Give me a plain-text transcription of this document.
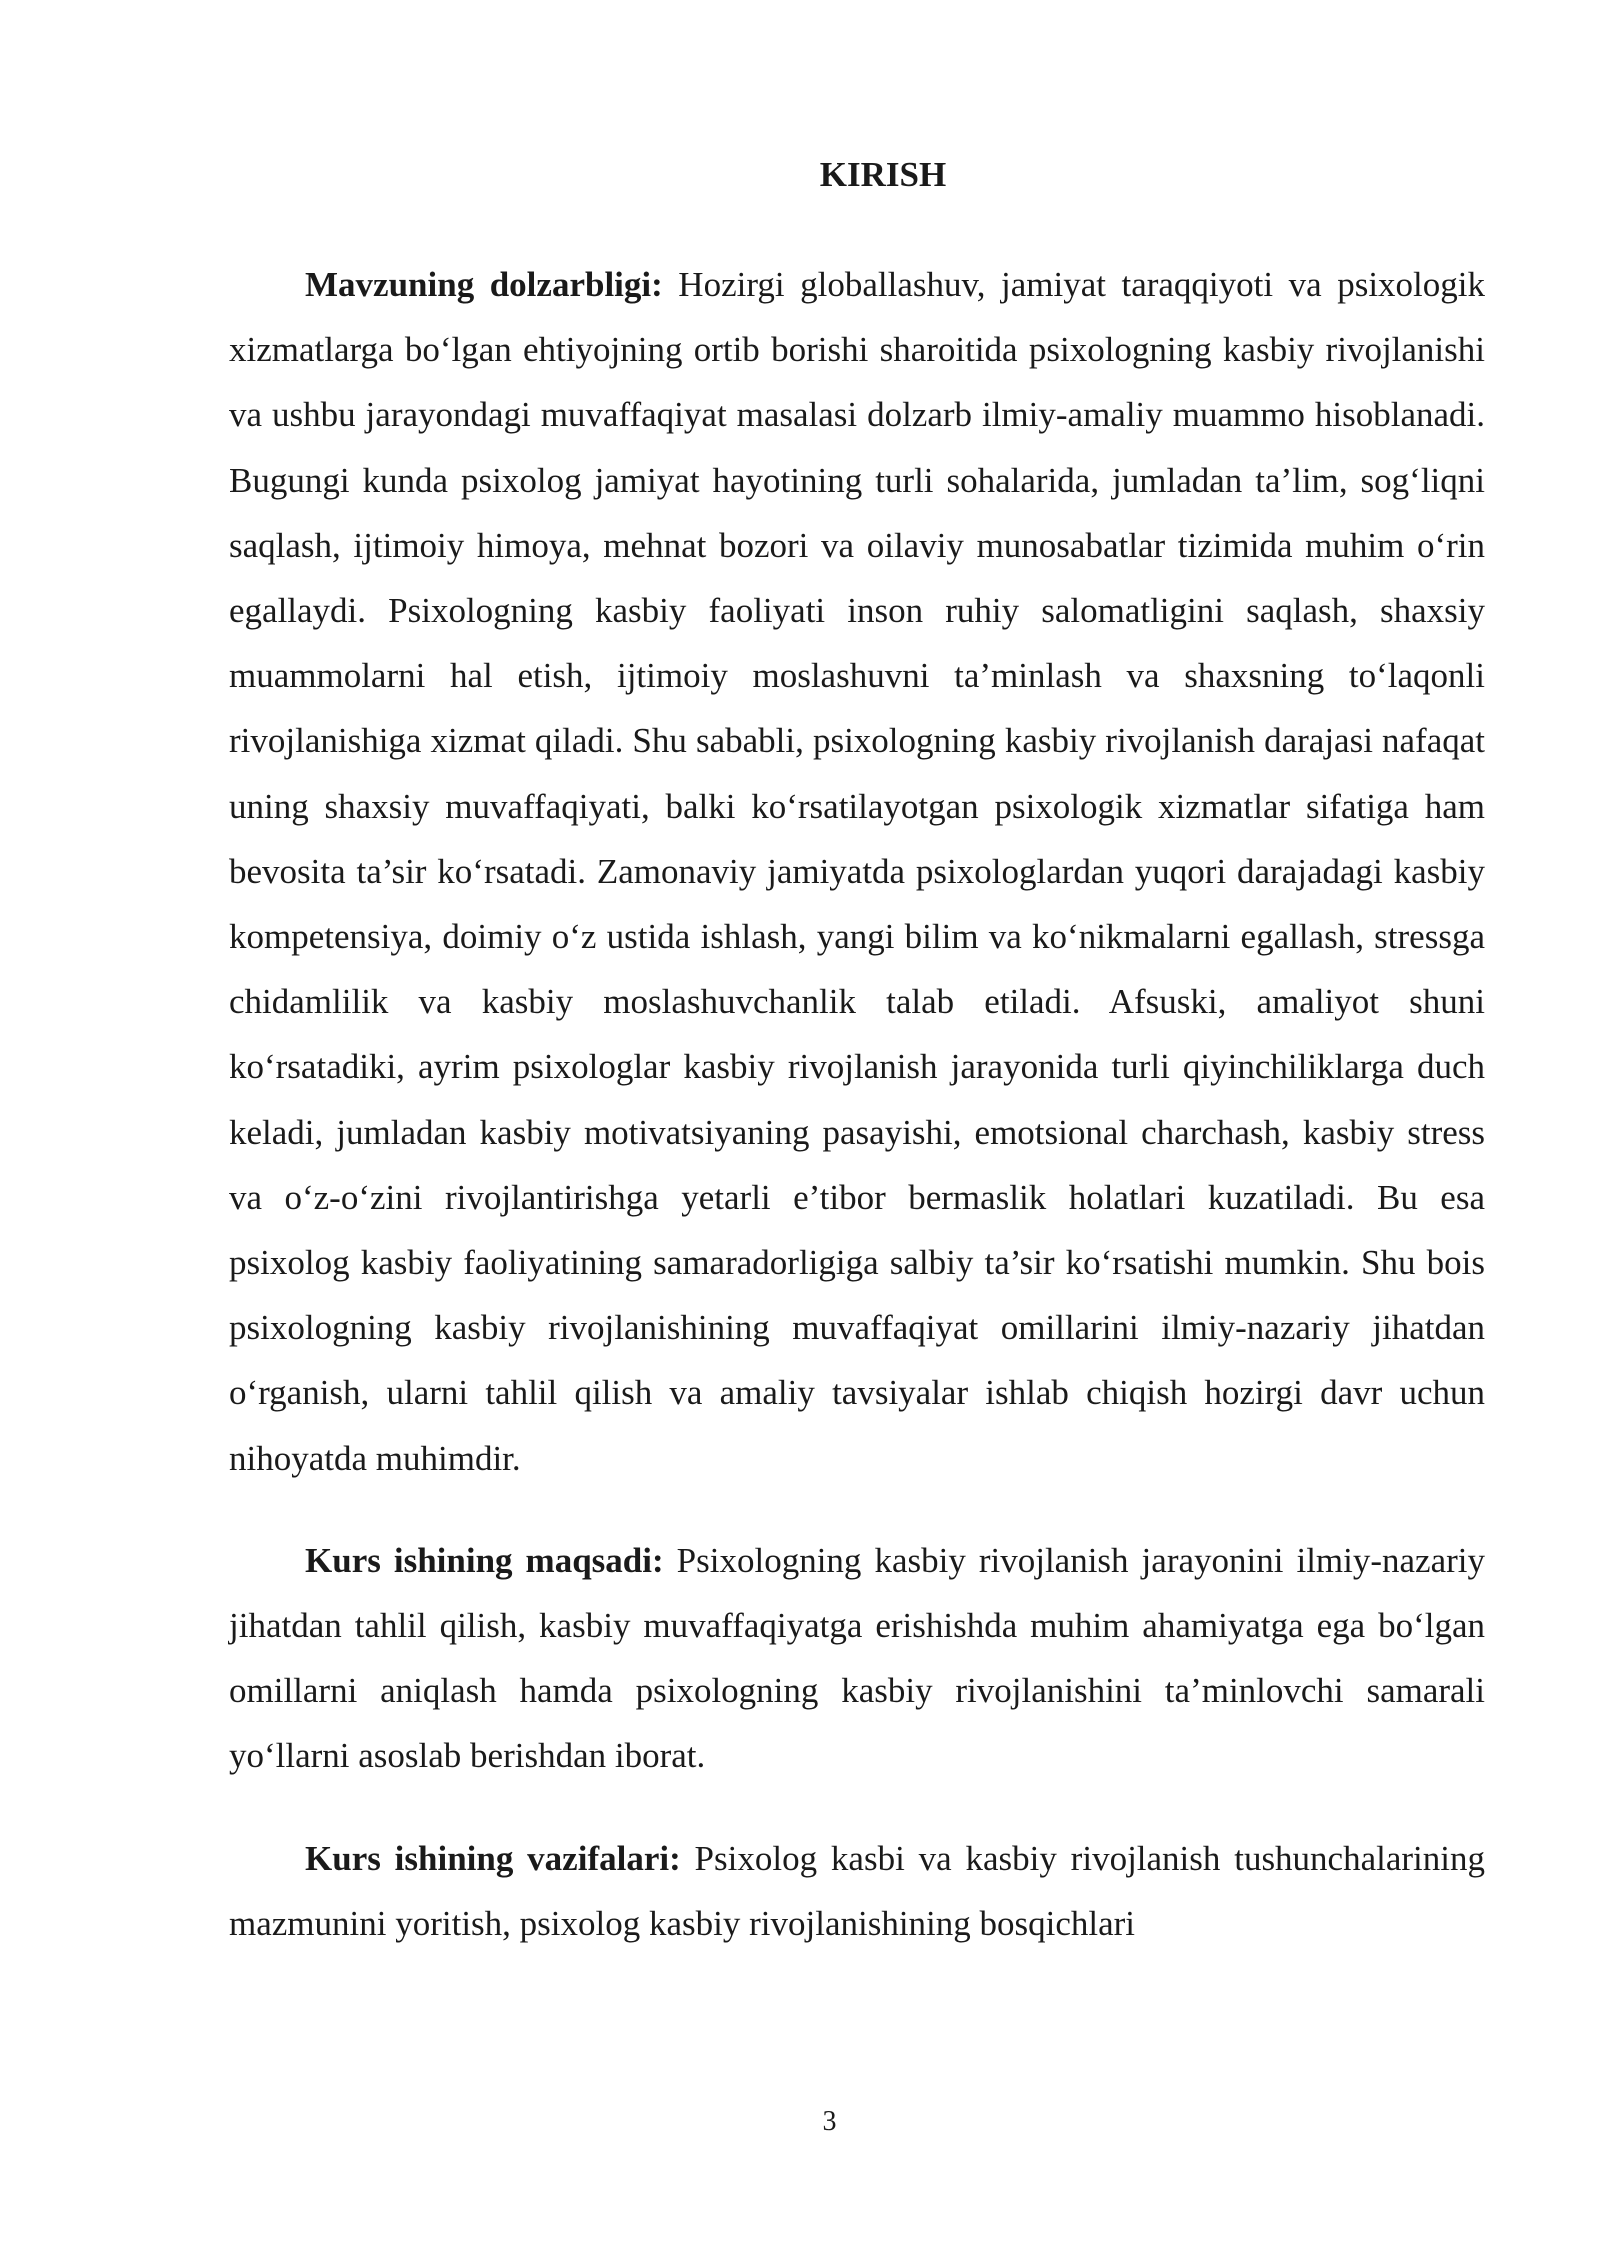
KIRISH

Mavzuning dolzarbligi: Hozirgi globallashuv, jamiyat taraqqiyoti va psixologik xizmatlarga bo‘lgan ehtiyojning ortib borishi sharoitida psixologning kasbiy rivojlanishi va ushbu jarayondagi muvaffaqiyat masalasi dolzarb ilmiy-amaliy muammo hisoblanadi. Bugungi kunda psixolog jamiyat hayotining turli sohalarida, jumladan ta’lim, sog‘liqni saqlash, ijtimoiy himoya, mehnat bozori va oilaviy munosabatlar tizimida muhim o‘rin egallaydi. Psixologning kasbiy faoliyati inson ruhiy salomatligini saqlash, shaxsiy muammolarni hal etish, ijtimoiy moslashuvni ta’minlash va shaxsning to‘laqonli rivojlanishiga xizmat qiladi. Shu sababli, psixologning kasbiy rivojlanish darajasi nafaqat uning shaxsiy muvaffaqiyati, balki ko‘rsatilayotgan psixologik xizmatlar sifatiga ham bevosita ta’sir ko‘rsatadi. Zamonaviy jamiyatda psixologlardan yuqori darajadagi kasbiy kompetensiya, doimiy o‘z ustida ishlash, yangi bilim va ko‘nikmalarni egallash, stressga chidamlilik va kasbiy moslashuvchanlik talab etiladi. Afsuski, amaliyot shuni ko‘rsatadiki, ayrim psixologlar kasbiy rivojlanish jarayonida turli qiyinchiliklarga duch keladi, jumladan kasbiy motivatsiyaning pasayishi, emotsional charchash, kasbiy stress va o‘z-o‘zini rivojlantirishga yetarli e’tibor bermaslik holatlari kuzatiladi. Bu esa psixolog kasbiy faoliyatining samaradorligiga salbiy ta’sir ko‘rsatishi mumkin. Shu bois psixologning kasbiy rivojlanishining muvaffaqiyat omillarini ilmiy-nazariy jihatdan o‘rganish, ularni tahlil qilish va amaliy tavsiyalar ishlab chiqish hozirgi davr uchun nihoyatda muhimdir.

Kurs ishining maqsadi: Psixologning kasbiy rivojlanish jarayonini ilmiy-nazariy jihatdan tahlil qilish, kasbiy muvaffaqiyatga erishishda muhim ahamiyatga ega bo‘lgan omillarni aniqlash hamda psixologning kasbiy rivojlanishini ta’minlovchi samarali yo‘llarni asoslab berishdan iborat.

Kurs ishining vazifalari: Psixolog kasbi va kasbiy rivojlanish tushunchalarining mazmunini yoritish, psixolog kasbiy rivojlanishining bosqichlari

3
